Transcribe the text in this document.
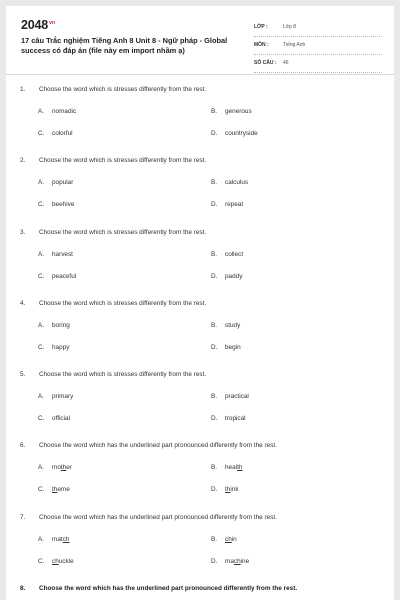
$2048^{vn}$
17 câu Trắc nghiệm Tiếng Anh 8 Unit 8 - Ngữ pháp - Global success có đáp án (file này em import nhầm ạ)
LỚP :	Lớp 8
MÔN :	Tiếng Anh
SỐ CÂU : 46
1. Choose the word which is stresses differently from the rest.
A. nomadic	B. generous
C. colorful	D. countryside
2. Choose the word which is stresses differently from the rest.
A. popular	B. calculus
C. beehive	D. repeat
3. Choose the word which is stresses differently from the rest.
A. harvest	B. collect
C. peaceful	D. paddy
4. Choose the word which is stresses differently from the rest.
A. boring	B. study
C. happy	D. begin
5. Choose the word which is stresses differently from the rest.
A. primary	B. practical
C. official	D. tropical
6. Choose the word which has the underlined part pronounced differently from the rest.
A. mother	B. health
C. theme	D. think
7. Choose the word which has the underlined part pronounced differently from the rest.
A. match	B. chin
C. chuckle	D. machine
8. Choose the word which has the underlined part pronounced differently from the rest.
